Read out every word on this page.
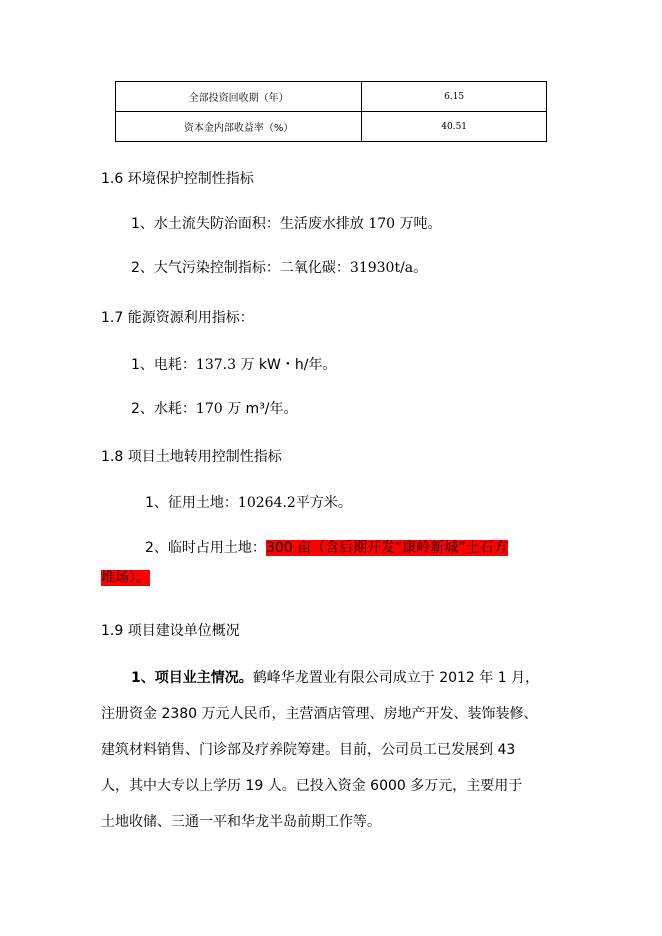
全部投资回收期（年）	6.15
资本金内部收益率（%）	40.51
1.6 环境保护控制性指标
1、水土流失防治面积：生活废水排放 170 万吨。
2、大气污染控制指标：二氧化碳：31930t/a。
1.7 能源资源利用指标：
1、电耗：137.3 万 kW・h/年。
2、水耗：170 万 m³/年。
1.8 项目土地转用控制性指标
1、征用土地：10264.2平方米。
2、临时占用土地：300 亩（含后期开发“康岭新城”土石方
堆场）。
1.9 项目建设单位概况
1、项目业主情况。鹤峰华龙置业有限公司成立于 2012 年 1 月，
注册资金 2380 万元人民币，主营酒店管理、房地产开发、装饰装修、
建筑材料销售、门诊部及疗养院筹建。目前，公司员工已发展到 43
人，其中大专以上学历 19 人。已投入资金 6000 多万元，主要用于
土地收储、三通一平和华龙半岛前期工作等。
